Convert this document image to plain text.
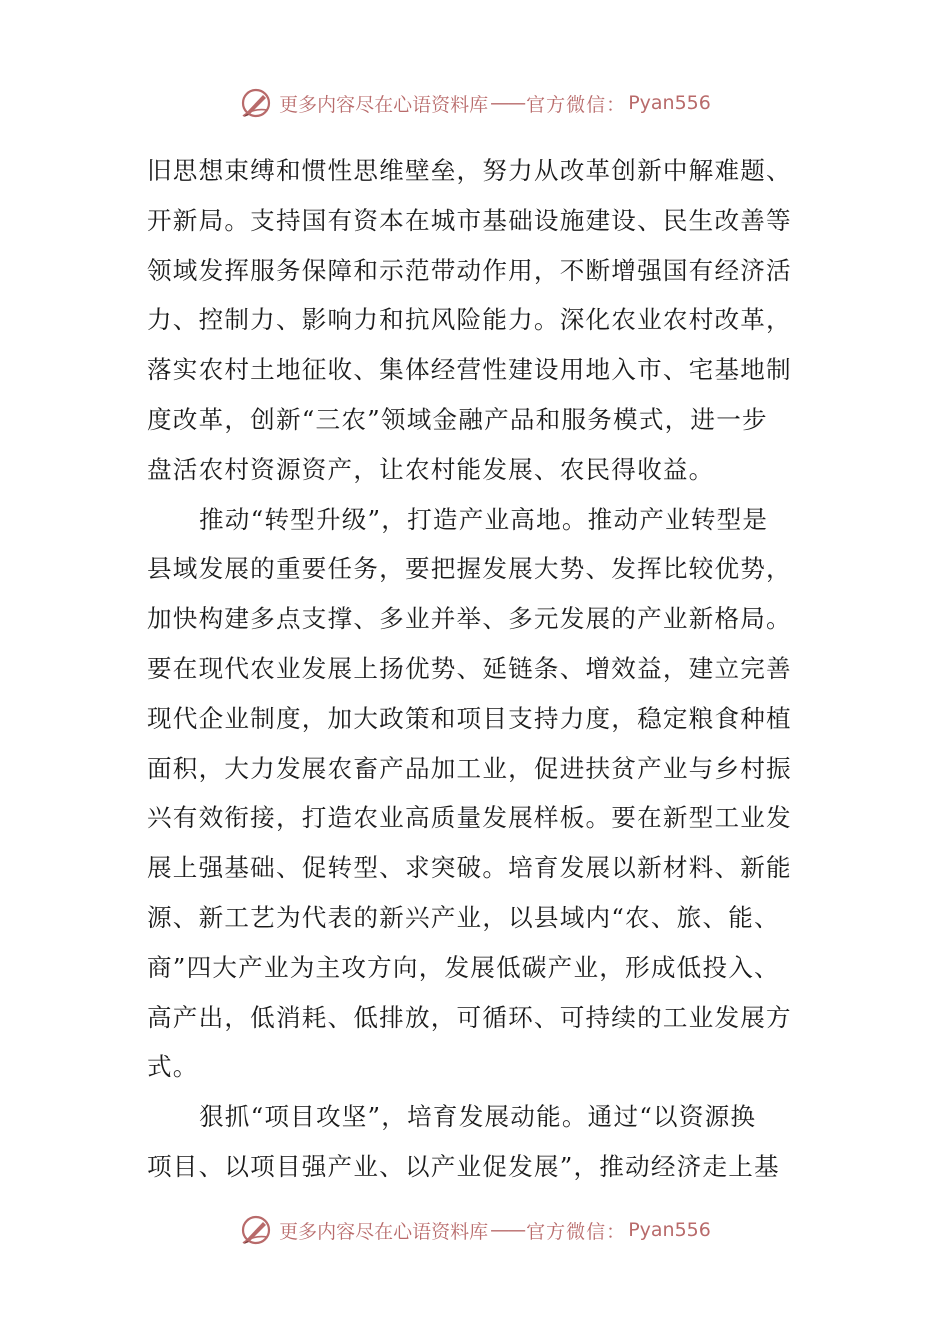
更多内容尽在心语资料库 —— 官方微信： Pyan556
旧思想束缚和惯性思维壁垒，努力从改革创新中解难题、
开新局。支持国有资本在城市基础设施建设、民生改善等
领域发挥服务保障和示范带动作用，不断增强国有经济活
力、控制力、影响力和抗风险能力。深化农业农村改革，
落实农村土地征收、集体经营性建设用地入市、宅基地制
度改革，创新“三农”领域金融产品和服务模式，进一步
盘活农村资源资产，让农村能发展、农民得收益。
推动“转型升级”，打造产业高地。推动产业转型是
县域发展的重要任务，要把握发展大势、发挥比较优势，
加快构建多点支撑、多业并举、多元发展的产业新格局。
要在现代农业发展上扬优势、延链条、增效益，建立完善
现代企业制度，加大政策和项目支持力度，稳定粮食种植
面积，大力发展农畜产品加工业，促进扶贫产业与乡村振
兴有效衔接，打造农业高质量发展样板。要在新型工业发
展上强基础、促转型、求突破。培育发展以新材料、新能
源、新工艺为代表的新兴产业，以县域内“农、旅、能、
商”四大产业为主攻方向，发展低碳产业，形成低投入、
高产出，低消耗、低排放，可循环、可持续的工业发展方
式。
狠抓“项目攻坚”，培育发展动能。通过“以资源换
项目、以项目强产业、以产业促发展”，推动经济走上基
更多内容尽在心语资料库 —— 官方微信： Pyan556
